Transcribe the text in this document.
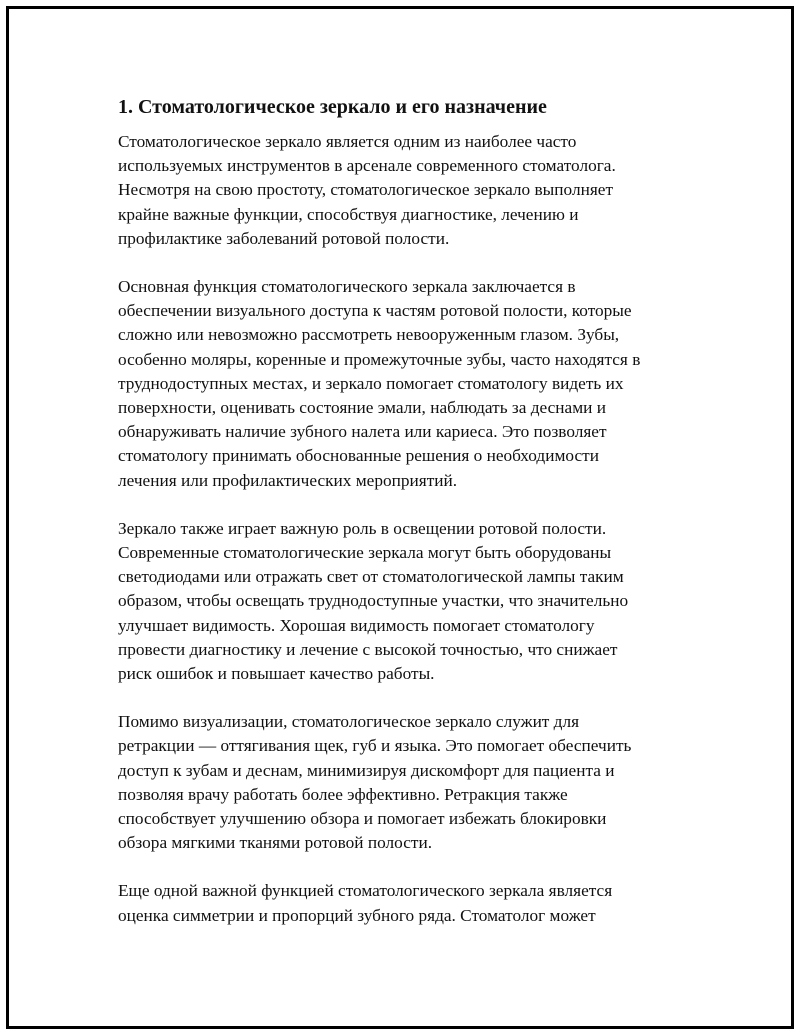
1. Стоматологическое зеркало и его назначение
Стоматологическое зеркало является одним из наиболее часто
используемых инструментов в арсенале современного стоматолога.
Несмотря на свою простоту, стоматологическое зеркало выполняет
крайне важные функции, способствуя диагностике, лечению и
профилактике заболеваний ротовой полости.
Основная функция стоматологического зеркала заключается в
обеспечении визуального доступа к частям ротовой полости, которые
сложно или невозможно рассмотреть невооруженным глазом. Зубы,
особенно моляры, коренные и промежуточные зубы, часто находятся в
труднодоступных местах, и зеркало помогает стоматологу видеть их
поверхности, оценивать состояние эмали, наблюдать за деснами и
обнаруживать наличие зубного налета или кариеса. Это позволяет
стоматологу принимать обоснованные решения о необходимости
лечения или профилактических мероприятий.
Зеркало также играет важную роль в освещении ротовой полости.
Современные стоматологические зеркала могут быть оборудованы
светодиодами или отражать свет от стоматологической лампы таким
образом, чтобы освещать труднодоступные участки, что значительно
улучшает видимость. Хорошая видимость помогает стоматологу
провести диагностику и лечение с высокой точностью, что снижает
риск ошибок и повышает качество работы.
Помимо визуализации, стоматологическое зеркало служит для
ретракции — оттягивания щек, губ и языка. Это помогает обеспечить
доступ к зубам и деснам, минимизируя дискомфорт для пациента и
позволяя врачу работать более эффективно. Ретракция также
способствует улучшению обзора и помогает избежать блокировки
обзора мягкими тканями ротовой полости.
Еще одной важной функцией стоматологического зеркала является
оценка симметрии и пропорций зубного ряда. Стоматолог может
